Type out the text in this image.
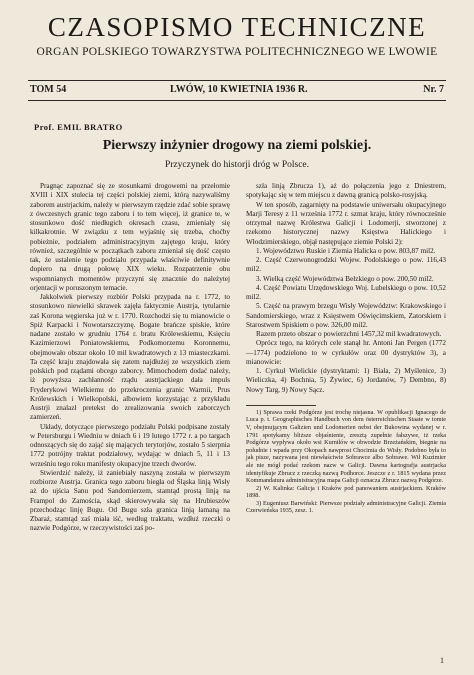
CZASOPISMO TECHNICZNE
ORGAN POLSKIEGO TOWARZYSTWA POLITECHNICZNEGO WE LWOWIE
TOM 54	LWÓW, 10 KWIETNIA 1936 R.	Nr. 7
Prof. EMIL BRATRO
Pierwszy inżynier drogowy na ziemi polskiej.
Przyczynek do historji dróg w Polsce.

Pragnąc zapoznać się ze stosunkami drogowemi na przełomie XVIII i XIX stulecia tej części polskiej ziemi, którą nazywaliśmy zaborem austrjackim, należy w pierwszym rzędzie zdać sobie sprawę z ówczesnych granic tego zaboru i to tem więcej, iż granice te, w stosunkowo dość niedługich okresach czasu, zmieniały się kilkakrotnie. W związku z tem wyjaśnię się trzeba, choćby pobieżnie, podziałem administracyjnym zajętego kraju, który również, szczególnie w początkach zaboru zmieniał się dość często tak, że ustalenie tego podziału przypada właściwie definitywnie dopiero na drugą połowę XIX wieku. Rozpatrzenie obu wspomnianych momentów przyczyni się znacznie do należytej orjentacji w poruszonym temacie.

Jakkolwiek pierwszy rozbiór Polski przypada na r. 1772, to stosunkowo niewielki skrawek zajęła faktycznie Austrja, tytularnie zaś Korona węgierska już w r. 1770. Rozchodzi się tu mianowicie o Spiż Karpacki i Nowotarszczyznę. Bogate brańcze spiskie, które nadane zostało w grudniu 1764 r. bratu Królewskiemu, Księciu Kazimierzowi Poniatowskiemu, Podkomorzemu Koronnemu, obejmowało obszar około 10 mil kwadratowych z 13 miasteczkami. Ta część kraju znajdowała się zatem najdłużej ze wszystkich ziem polskich pod rządami obcego zaborcy. Mimochodem dodać należy, iż powyższa zachłanność rządu austrjackiego dała impuls Fryderykowi Wielkiemu do przekroczenia granic Warmii, Prus Królewskich i Wielkopolski, albowiem korzystając z przykładu Austrji znalazł pretekst do zrealizowania swoich zaborczych zamierzeń.

Układy, dotyczące pierwszego podziału Polski podpisane zostały w Petersburgu i Wiedniu w dniach 6 i 19 lutego 1772 r. a po targach odnoszących się do zająć się mających terytorjów, zostało 5 sierpnia 1772 potrójny traktat podziałowy, wydając w dniach 5, 11 i 13 wrześniu tego roku manifesty okupacyjne trzech dworów.

Stwierdzić należy, iż zaniebiały naszyną została w pierwszym rozbiorze Austrja. Granica tego zaboru biegła od Śląska linją Wisły aż do ujścia Sanu pod Sandomierzem, stamtąd prostą linją na Frampol do Zamościa, skąd skierowywała się na Hrubieszów przechodząc linję Bugu. Od Bugu szła granica linją łamaną na Zbaraż, stamtąd zaś miała iść, według traktatu, wzdłuż rzeczki o nazwie Podgórze, w rzeczywistości zaś po-

szła linją Zbrucza 1), aż do połączenia jego z Dniestrem, spotykając się w tem miejscu z dawną granicą polsko-rosyjską.

W ten sposób, zagarnięty na podstawie uniwersału okupacyjnego Marji Teresy z 11 września 1772 r. szmat kraju, który równocześnie otrzymał nazwę Królestwa Galicji i Lodomerji, stworzonej z rzekomo historycznej nazwy Księstwa Halickiego i Włodzimierskiego, objął następujące ziemie Polski 2):

1. Województwo Ruskie i Ziemia Halicka o pow. 803,87 mil2.

2. Część Czerwonogrodzki Wojew. Podolskiego o pow. 116,43 mil2.

3. Wielką część Województwa Bełzkiego o pow. 200,50 mil2.

4. Część Powiatu Urzędowskiego Woj. Lubelskiego o pow. 10,52 mil2.

5. Część na prawym brzegu Wisły Województw: Krakowskiego i Sandomierskiego, wraz z Księstwem Oświęcimskiem, Zatorskiem i Starostwem Spiskiem o pow. 326,00 mil2.

Razem przeto obszar o powierzchni 1457,32 mil kwadratowych.

Oprócz tego, na których cele stanął hr. Antoni Jan Pergen (1772—1774) podzielono to w cyrkułów oraz 00 dystryktów 3), a mianowicie:

1. Cyrkuł Wielickie (dystryktami: 1) Biała, 2) Myślenice, 3) Wieliczka, 4) Bochnia, 5) Żywiec, 6) Jordanów, 7) Dembno, 8) Nowy Targ, 9) Nowy Sącz.

1) Sprawa rzeki Podgórze jest trochę niejasna. W opublikacji Ignacego de Luca p. t. Geographisches Handbuch von dem österreichischen Staate w tomie V, obejmującym Galizien und Lodomerien nebst der Bukowina wydanej w r. 1791 spotykamy bliższe objaśnienie, zresztą zupełnie fałszywe, iż rzeka Podgórze wypływa około wsi Kurniłów w obwodzie Brzeżańskim, biegnie na południe i wpada przy Okopach nawprost Chocimia do Wisły. Podobno była to jak pisze, nazywana jest niewłaściwie Sobrawce albo Sobrawe. Wił Kuzimier ale nie mógł podać rzekom nazw w Galicji. Dawna kartografja austrjacka identyfikuje Zbrucz z rzeczką nazwą Podhorce. Jeszcze z r. 1815 wydana przez Kommandatura administracyjna mapa Galicji oznacza Zbrucz nazwą Podgórze.

2) W. Kalinka: Galicja i Kraków pod panowaniem austrjackiem. Kraków 1898.

3) Eugeniusz Barwiński: Pierwsze podziały administracyjne Galicji. Ziemia Czerwieńska 1935, zesz. 1.

1
